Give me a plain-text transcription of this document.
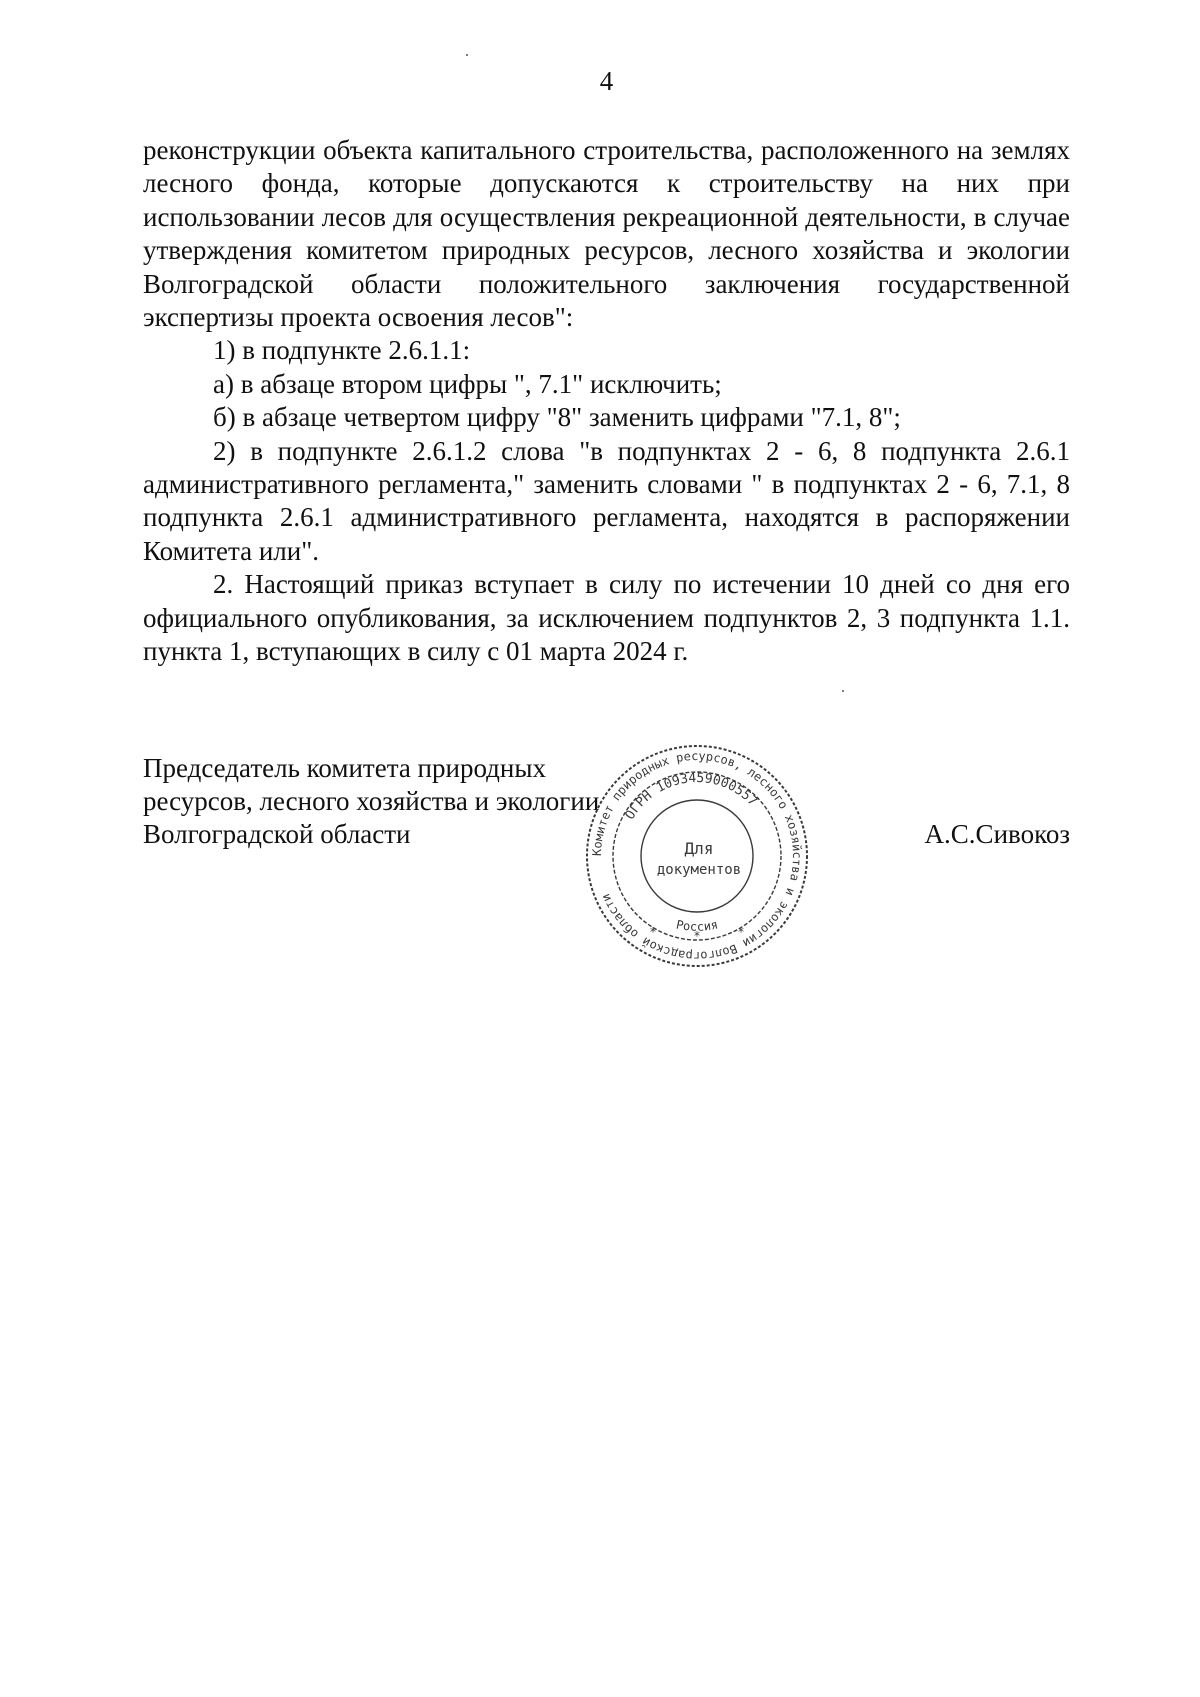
4

реконструкции объекта капитального строительства, расположенного на землях лесного фонда, которые допускаются к строительству на них при использовании лесов для осуществления рекреационной деятельности, в случае утверждения комитетом природных ресурсов, лесного хозяйства и экологии Волгоградской области положительного заключения государственной экспертизы проекта освоения лесов":

1) в подпункте 2.6.1.1:

а) в абзаце втором цифры ", 7.1" исключить;

б) в абзаце четвертом цифру "8" заменить цифрами "7.1, 8";

2) в подпункте 2.6.1.2 слова "в подпунктах 2 - 6, 8 подпункта 2.6.1 административного регламента," заменить словами " в подпунктах 2 - 6, 7.1, 8 подпункта 2.6.1 административного регламента, находятся в распоряжении Комитета или".

2. Настоящий приказ вступает в силу по истечении 10 дней со дня его официального опубликования, за исключением подпунктов 2, 3 подпункта 1.1. пункта 1, вступающих в силу с 01 марта 2024 г.

Председатель комитета природных
ресурсов, лесного хозяйства и экологии
Волгоградской области	А.С.Сивокоз
Комитет природных ресурсов, лесного хозяйства и экологии Волгоградской области
ОГРН 1093459000557
Россия
Для
документов
*
*	*
